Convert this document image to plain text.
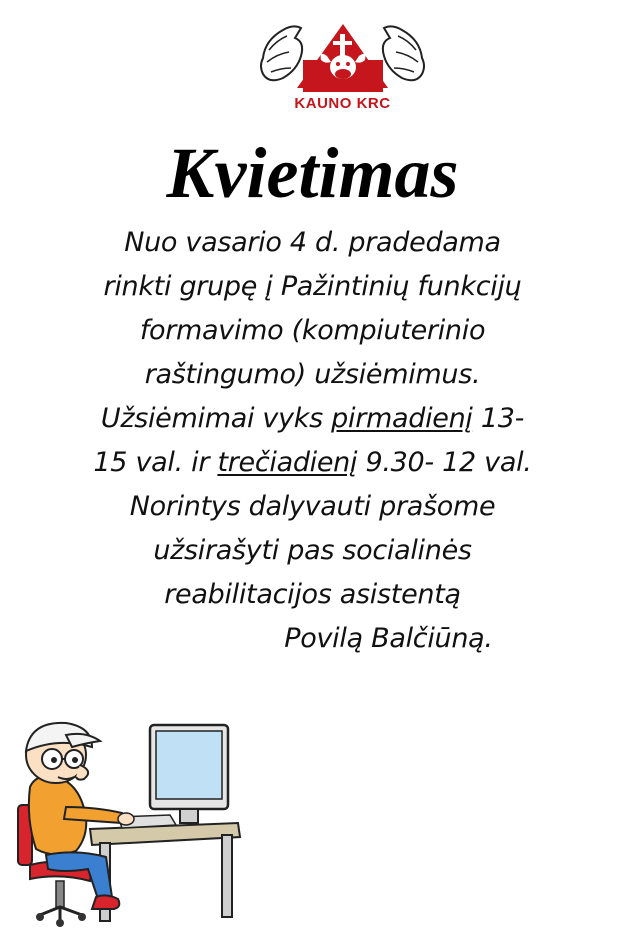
KAUNO KRC
Kvietimas
Nuo vasario 4 d. pradedama
rinkti grupę į Pažintinių funkcijų
formavimo (kompiuterinio
raštingumo) užsiėmimus.
Užsiėmimai vyks pirmadienį 13-
15 val. ir trečiadienį 9.30- 12 val.
Norintys dalyvauti prašome
užsirašyti pas socialinės
reabilitacijos asistentą
Povilą Balčiūną.
